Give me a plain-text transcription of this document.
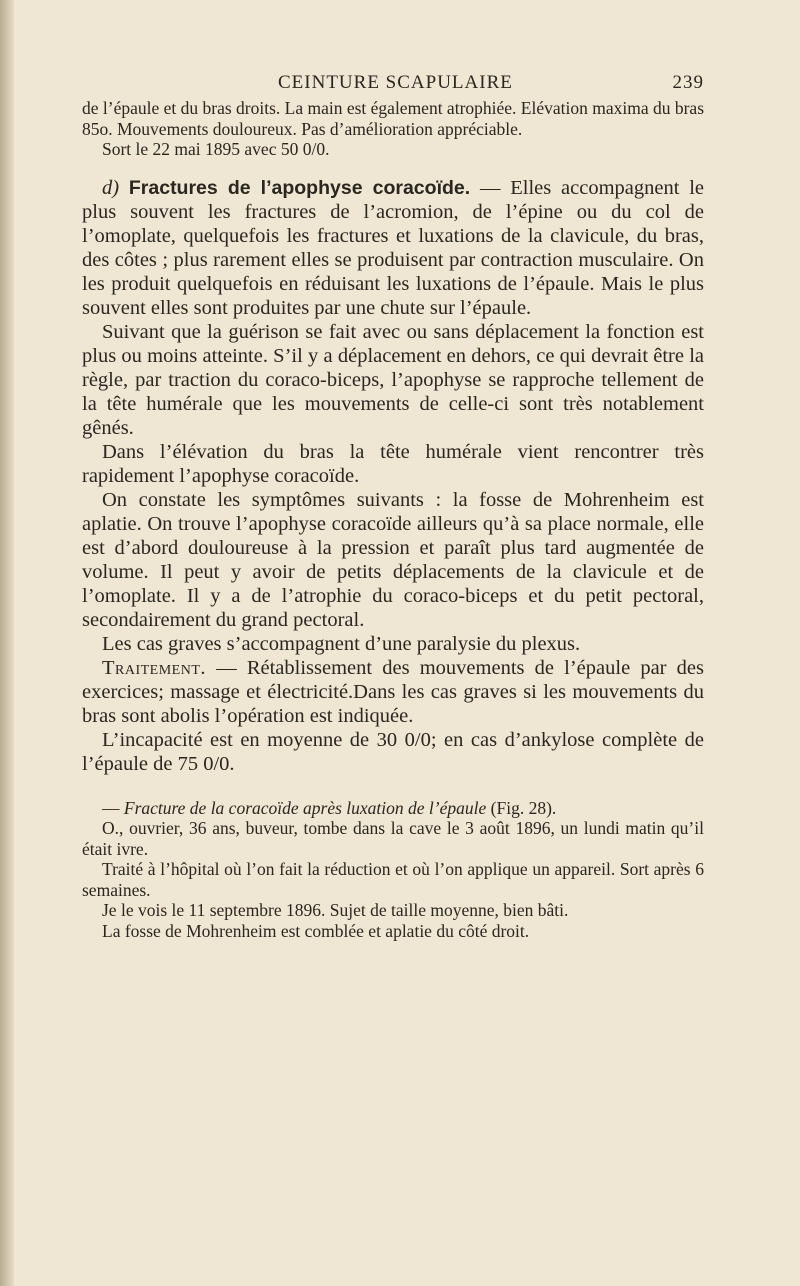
CEINTURE SCAPULAIRE	239

de l’épaule et du bras droits. La main est également atrophiée. Elévation maxima du bras 85o. Mouvements douloureux. Pas d’amélioration appréciable.

Sort le 22 mai 1895 avec 50 0/0.

d) Fractures de l’apophyse coracoïde. — Elles accompagnent le plus souvent les fractures de l’acromion, de l’épine ou du col de l’omoplate, quelquefois les fractures et luxations de la clavicule, du bras, des côtes ; plus rarement elles se produisent par contraction musculaire. On les produit quelquefois en réduisant les luxations de l’épaule. Mais le plus souvent elles sont produites par une chute sur l’épaule.

Suivant que la guérison se fait avec ou sans déplacement la fonction est plus ou moins atteinte. S’il y a déplacement en dehors, ce qui devrait être la règle, par traction du coraco-biceps, l’apophyse se rapproche tellement de la tête humérale que les mouvements de celle-ci sont très notablement gênés.

Dans l’élévation du bras la tête humérale vient rencontrer très rapidement l’apophyse coracoïde.

On constate les symptômes suivants : la fosse de Mohrenheim est aplatie. On trouve l’apophyse coracoïde ailleurs qu’à sa place normale, elle est d’abord douloureuse à la pression et paraît plus tard augmentée de volume. Il peut y avoir de petits déplacements de la clavicule et de l’omoplate. Il y a de l’atrophie du coraco-biceps et du petit pectoral, secondairement du grand pectoral.

Les cas graves s’accompagnent d’une paralysie du plexus.

Traitement. — Rétablissement des mouvements de l’épaule par des exercices; massage et électricité.Dans les cas graves si les mouvements du bras sont abolis l’opération est indiquée.

L’incapacité est en moyenne de 30 0/0; en cas d’ankylose complète de l’épaule de 75 0/0.

— Fracture de la coracoïde après luxation de l’épaule (Fig. 28).

O., ouvrier, 36 ans, buveur, tombe dans la cave le 3 août 1896, un lundi matin qu’il était ivre.

Traité à l’hôpital où l’on fait la réduction et où l’on applique un appareil. Sort après 6 semaines.

Je le vois le 11 septembre 1896. Sujet de taille moyenne, bien bâti.

La fosse de Mohrenheim est comblée et aplatie du côté droit.
